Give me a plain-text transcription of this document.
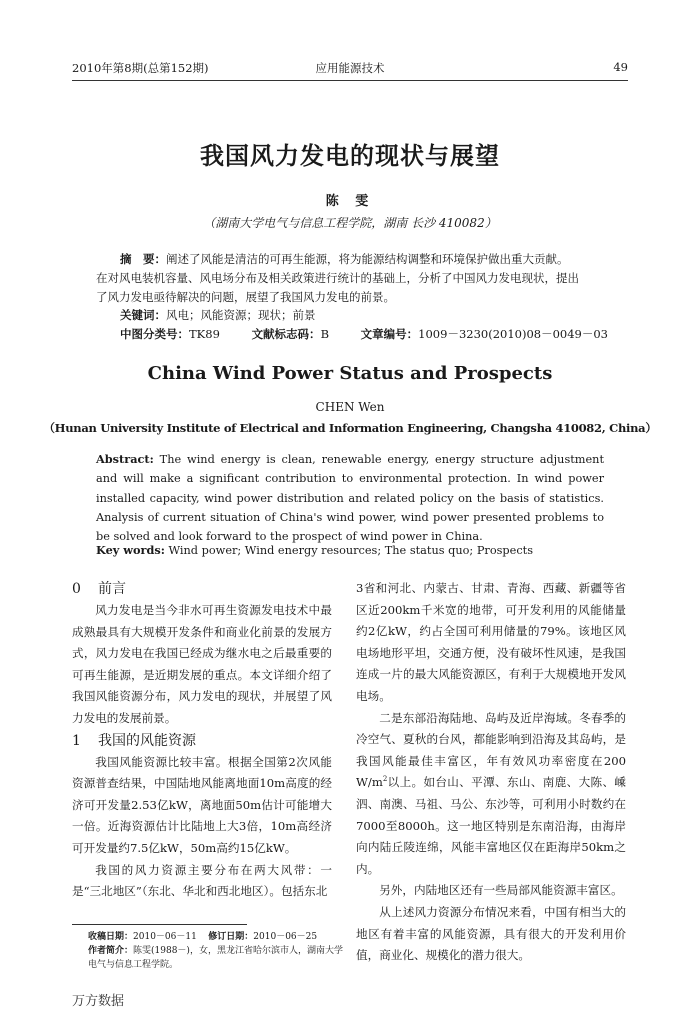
2010年第8期(总第152期)	应用能源技术	49
我国风力发电的现状与展望
陈 雯
（湖南大学电气与信息工程学院，湖南 长沙 410082）

摘　要：阐述了风能是清洁的可再生能源，将为能源结构调整和环境保护做出重大贡献。

在对风电装机容量、风电场分布及相关政策进行统计的基础上，分析了中国风力发电现状，提出

了风力发电亟待解决的问题，展望了我国风力发电的前景。

关键词：风电；风能资源；现状；前景
中图分类号：TK89	文献标志码：B	文章编号：1009－3230(2010)08－0049－03
China Wind Power Status and Prospects
CHEN Wen
（Hunan University Institute of Electrical and Information Engineering, Changsha 410082, China）
Abstract: The wind energy is clean, renewable energy, energy structure adjustment and will make a significant contribution to environmental protection. In wind power installed capacity, wind power distribution and related policy on the basis of statistics. Analysis of current situation of China's wind power, wind power presented problems to be solved and look forward to the prospect of wind power in China.
Key words: Wind power; Wind energy resources; The status quo; Prospects

0 前言

风力发电是当今非水可再生资源发电技术中最成熟最具有大规模开发条件和商业化前景的发展方式，风力发电在我国已经成为继水电之后最重要的可再生能源，是近期发展的重点。本文详细介绍了我国风能资源分布，风力发电的现状，并展望了风力发电的发展前景。

1 我国的风能资源

我国风能资源比较丰富。根据全国第2次风能资源普查结果，中国陆地风能离地面10m高度的经济可开发量2.53亿kW，离地面50m估计可能增大一倍。近海资源估计比陆地上大3倍，10m高经济可开发量约7.5亿kW，50m高约15亿kW。

我国的风力资源主要分布在两大风带：一是“三北地区”（东北、华北和西北地区）。包括东北

3省和河北、内蒙古、甘肃、青海、西藏、新疆等省区近200km千米宽的地带，可开发利用的风能储量约2亿kW，约占全国可利用储量的79%。该地区风电场地形平坦，交通方便，没有破坏性风速，是我国连成一片的最大风能资源区，有利于大规模地开发风电场。

二是东部沿海陆地、岛屿及近岸海域。冬春季的冷空气、夏秋的台风，都能影响到沿海及其岛屿，是我国风能最佳丰富区，年有效风功率密度在200 $W/m^2$以上。如台山、平潭、东山、南鹿、大陈、嵊泗、南澳、马祖、马公、东沙等，可利用小时数约在7000至8000h。这一地区特别是东南沿海，由海岸向内陆丘陵连绵，风能丰富地区仅在距海岸50km之内。

另外，内陆地区还有一些局部风能资源丰富区。

从上述风力资源分布情况来看，中国有相当大的地区有着丰富的风能资源，具有很大的开发利用价值，商业化、规模化的潜力很大。

收稿日期：2010－06－11 修订日期：2010－06－25
作者简介：陈雯(1988－)，女，黑龙江省哈尔滨市人，湖南大学电气与信息工程学院。
万方数据
